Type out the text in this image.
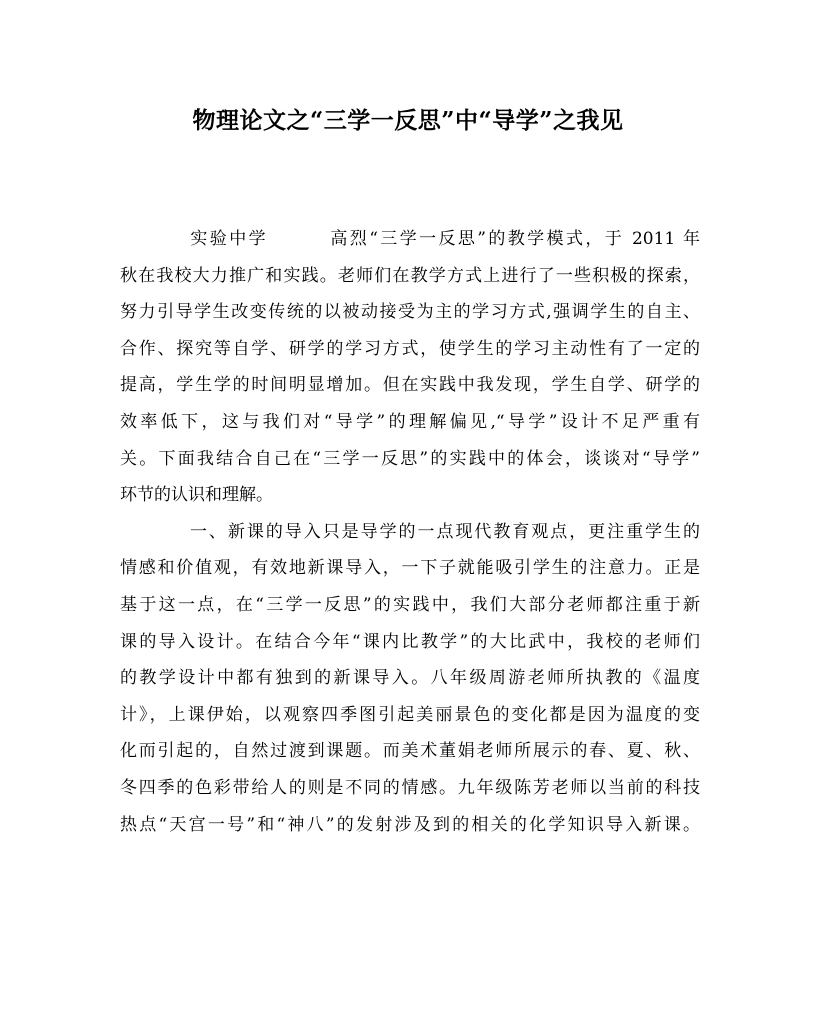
物理论文之“三学一反思”中“导学”之我见
实验中学	高烈“三学一反思”的教学模式，于 2011 年
秋在我校大力推广和实践。老师们在教学方式上进行了一些积极的探索，
努力引导学生改变传统的以被动接受为主的学习方式,强调学生的自主、
合作、探究等自学、研学的学习方式，使学生的学习主动性有了一定的
提高，学生学的时间明显增加。但在实践中我发现，学生自学、研学的
效率低下，这与我们对“导学”的理解偏见,“导学”设计不足严重有
关。下面我结合自己在“三学一反思”的实践中的体会，谈谈对“导学”
环节的认识和理解。
一、新课的导入只是导学的一点现代教育观点，更注重学生的
情感和价值观，有效地新课导入，一下子就能吸引学生的注意力。正是
基于这一点，在“三学一反思”的实践中，我们大部分老师都注重于新
课的导入设计。在结合今年“课内比教学”的大比武中，我校的老师们
的教学设计中都有独到的新课导入。八年级周游老师所执教的《温度
计》，上课伊始，以观察四季图引起美丽景色的变化都是因为温度的变
化而引起的，自然过渡到课题。而美术董娟老师所展示的春、夏、秋、
冬四季的色彩带给人的则是不同的情感。九年级陈芳老师以当前的科技
热点“天宫一号”和“神八”的发射涉及到的相关的化学知识导入新课。
